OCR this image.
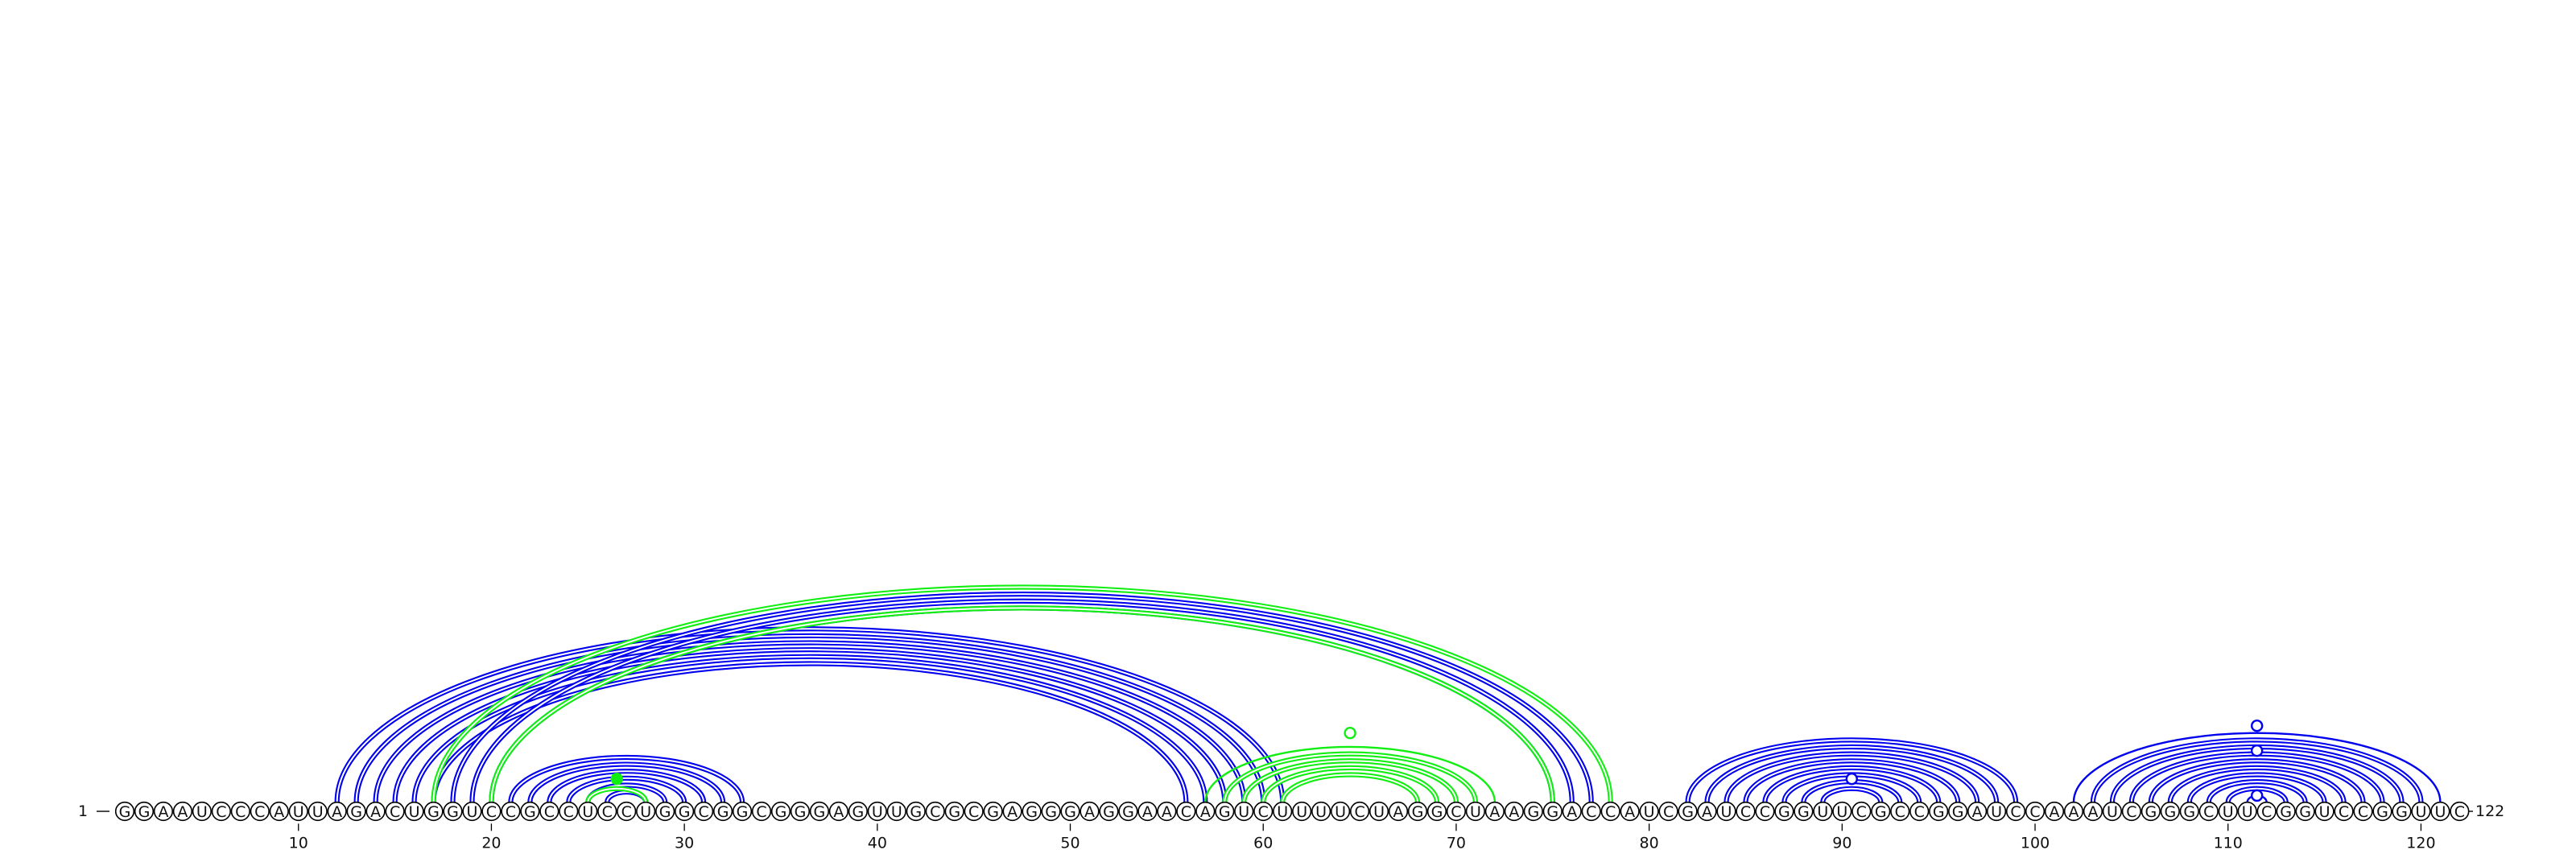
1	122
G G A A U C C C A U U A G A C U G G U C C G C C U C C U G G C G G C G G G A G U U G C G C G A G G G A G G A A C A G U C U U U U C U A G G C U A A G G A C C A U C G A U C C G G U U C G C C G G A U C C A A A U C G G G C U U C G G U C C G G U U C
10	20	30	40	50	60	70	80	90	100	110	120
